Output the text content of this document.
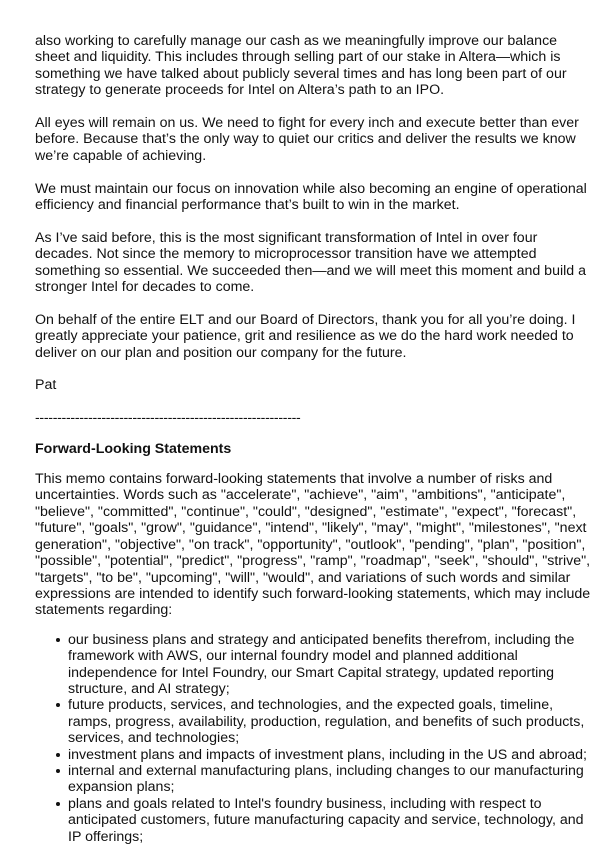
also working to carefully manage our cash as we meaningfully improve our balance sheet and liquidity. This includes through selling part of our stake in Altera—which is something we have talked about publicly several times and has long been part of our strategy to generate proceeds for Intel on Altera’s path to an IPO.

All eyes will remain on us. We need to fight for every inch and execute better than ever before. Because that’s the only way to quiet our critics and deliver the results we know we’re capable of achieving.

We must maintain our focus on innovation while also becoming an engine of operational efficiency and financial performance that’s built to win in the market.

As I’ve said before, this is the most significant transformation of Intel in over four decades. Not since the memory to microprocessor transition have we attempted something so essential. We succeeded then—and we will meet this moment and build a stronger Intel for decades to come.

On behalf of the entire ELT and our Board of Directors, thank you for all you’re doing. I greatly appreciate your patience, grit and resilience as we do the hard work needed to deliver on our plan and position our company for the future.

Pat

------------------------------------------------------------
Forward-Looking Statements

This memo contains forward-looking statements that involve a number of risks and uncertainties. Words such as "accelerate", "achieve", "aim", "ambitions", "anticipate", "believe", "committed", "continue", "could", "designed", "estimate", "expect", "forecast", "future", "goals", "grow", "guidance", "intend", "likely", "may", "might", "milestones", "next generation", "objective", "on track", "opportunity", "outlook", "pending", "plan", "position", "possible", "potential", "predict", "progress", "ramp", "roadmap", "seek", "should", "strive", "targets", "to be", "upcoming", "will", "would", and variations of such words and similar expressions are intended to identify such forward-looking statements, which may include statements regarding:

our business plans and strategy and anticipated benefits therefrom, including the framework with AWS, our internal foundry model and planned additional independence for Intel Foundry, our Smart Capital strategy, updated reporting structure, and AI strategy;
future products, services, and technologies, and the expected goals, timeline, ramps, progress, availability, production, regulation, and benefits of such products, services, and technologies;
investment plans and impacts of investment plans, including in the US and abroad;
internal and external manufacturing plans, including changes to our manufacturing expansion plans;
plans and goals related to Intel's foundry business, including with respect to anticipated customers, future manufacturing capacity and service, technology, and IP offerings;
